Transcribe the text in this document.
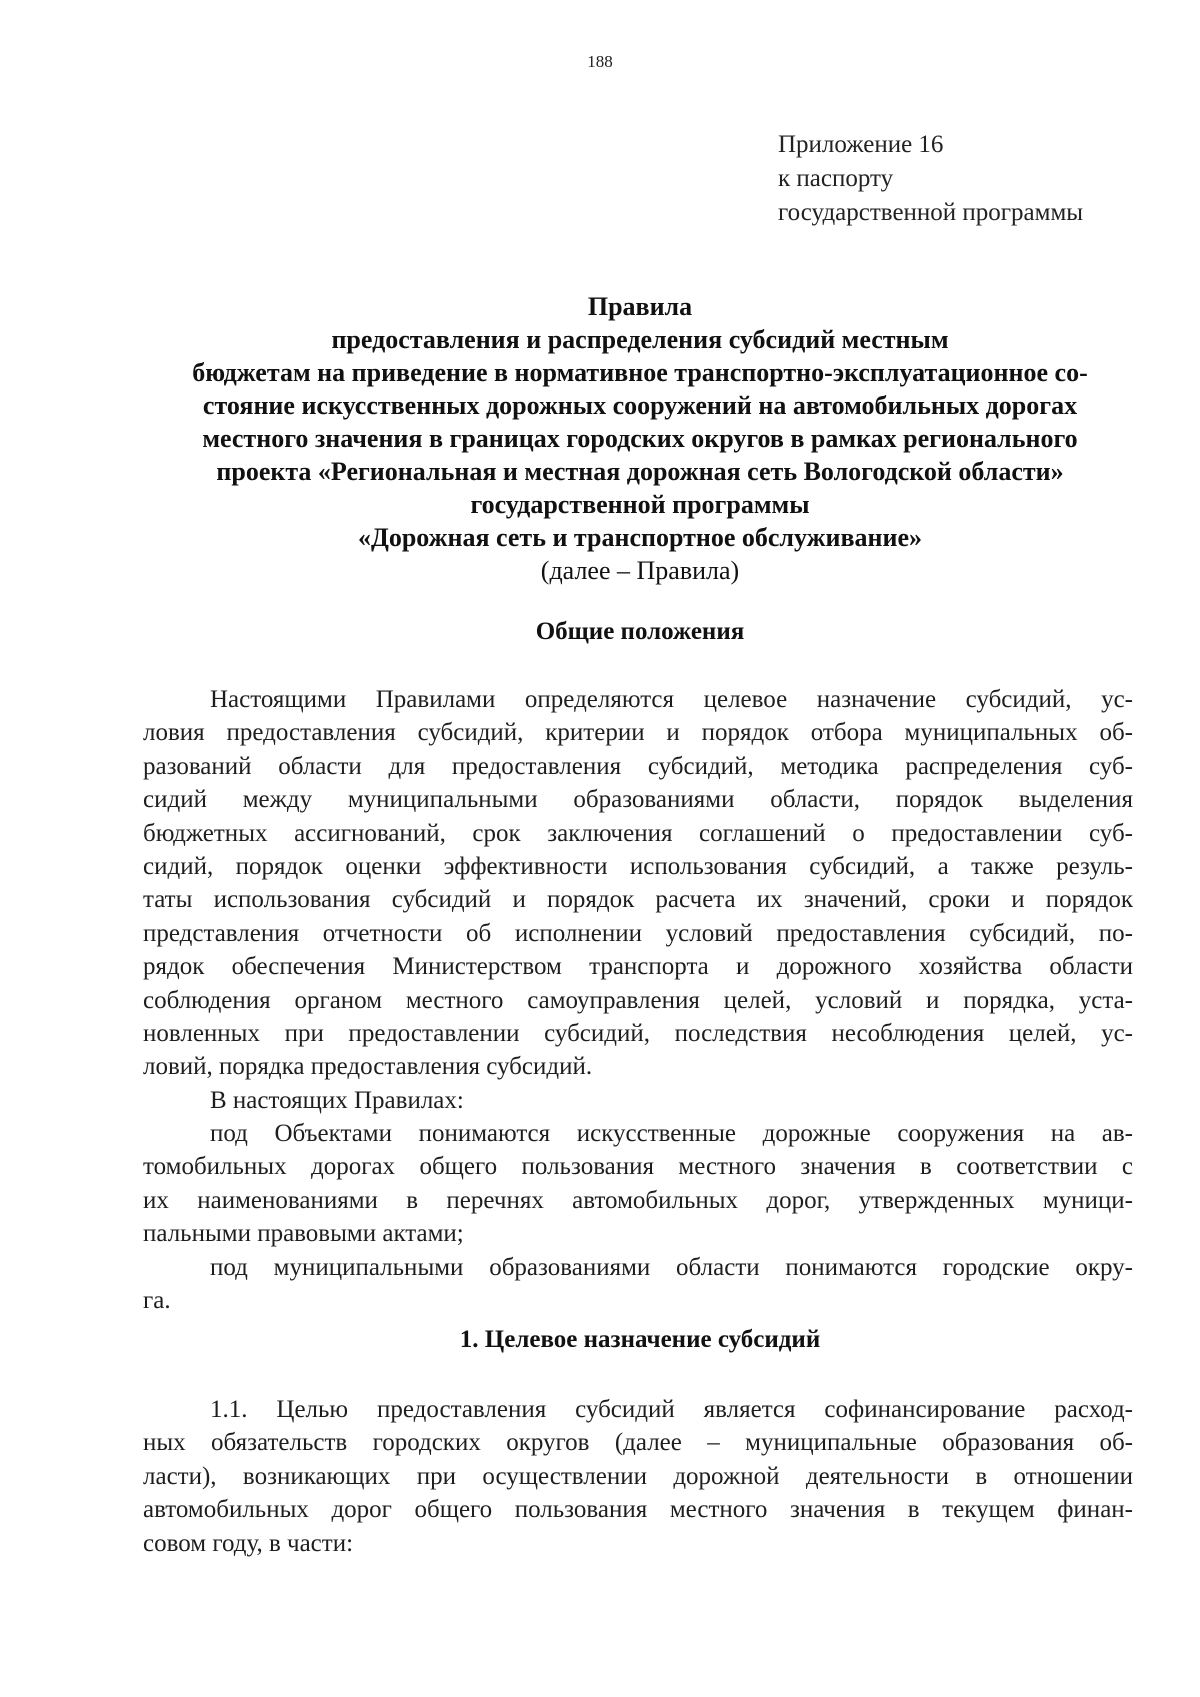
188
Приложение 16
к паспорту
государственной программы
Правила
предоставления и распределения субсидий местным
бюджетам на приведение в нормативное транспортно-эксплуатационное со-
стояние искусственных дорожных сооружений на автомобильных дорогах
местного значения в границах городских округов в рамках регионального
проекта «Региональная и местная дорожная сеть Вологодской области»
государственной программы
«Дорожная сеть и транспортное обслуживание»
(далее – Правила)
Общие положения
Настоящими Правилами определяются целевое назначение субсидий, ус-
ловия предоставления субсидий, критерии и порядок отбора муниципальных об-
разований области для предоставления субсидий, методика распределения суб-
сидий между муниципальными образованиями области, порядок выделения
бюджетных ассигнований, срок заключения соглашений о предоставлении суб-
сидий, порядок оценки эффективности использования субсидий, а также резуль-
таты использования субсидий и порядок расчета их значений, сроки и порядок
представления отчетности об исполнении условий предоставления субсидий, по-
рядок обеспечения Министерством транспорта и дорожного хозяйства области
соблюдения органом местного самоуправления целей, условий и порядка, уста-
новленных при предоставлении субсидий, последствия несоблюдения целей, ус-
ловий, порядка предоставления субсидий.
В настоящих Правилах:
под Объектами понимаются искусственные дорожные сооружения на ав-
томобильных дорогах общего пользования местного значения в соответствии с
их наименованиями в перечнях автомобильных дорог, утвержденных муници-
пальными правовыми актами;
под муниципальными образованиями области понимаются городские окру-
га.
1. Целевое назначение субсидий
1.1. Целью предоставления субсидий является софинансирование расход-
ных обязательств городских округов (далее – муниципальные образования об-
ласти), возникающих при осуществлении дорожной деятельности в отношении
автомобильных дорог общего пользования местного значения в текущем финан-
совом году, в части:
